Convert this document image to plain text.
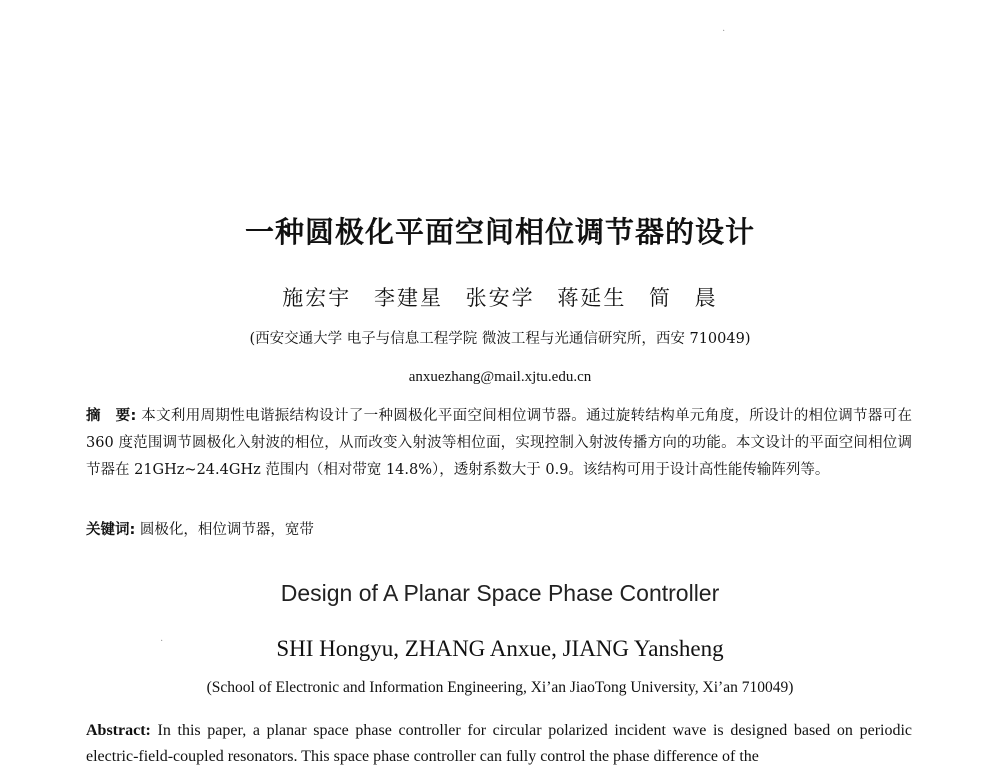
·
·
一种圆极化平面空间相位调节器的设计
施宏宇 李建星 张安学 蒋延生 简 晨
(西安交通大学 电子与信息工程学院 微波工程与光通信研究所，西安 710049)
anxuezhang@mail.xjtu.edu.cn
摘　要: 本文利用周期性电谐振结构设计了一种圆极化平面空间相位调节器。通过旋转结构单元角度，所设计的相位调节器可在 360 度范围调节圆极化入射波的相位，从而改变入射波等相位面，实现控制入射波传播方向的功能。本文设计的平面空间相位调节器在 21GHz~24.4GHz 范围内（相对带宽 14.8%），透射系数大于 0.9。该结构可用于设计高性能传输阵列等。
关键词: 圆极化，相位调节器，宽带
Design of A Planar Space Phase Controller
SHI Hongyu, ZHANG Anxue, JIANG Yansheng
(School of Electronic and Information Engineering, Xi’an JiaoTong University, Xi’an 710049)
Abstract: In this paper, a planar space phase controller for circular polarized incident wave is designed based on periodic electric-field-coupled resonators. This space phase controller can fully control the phase difference of the
